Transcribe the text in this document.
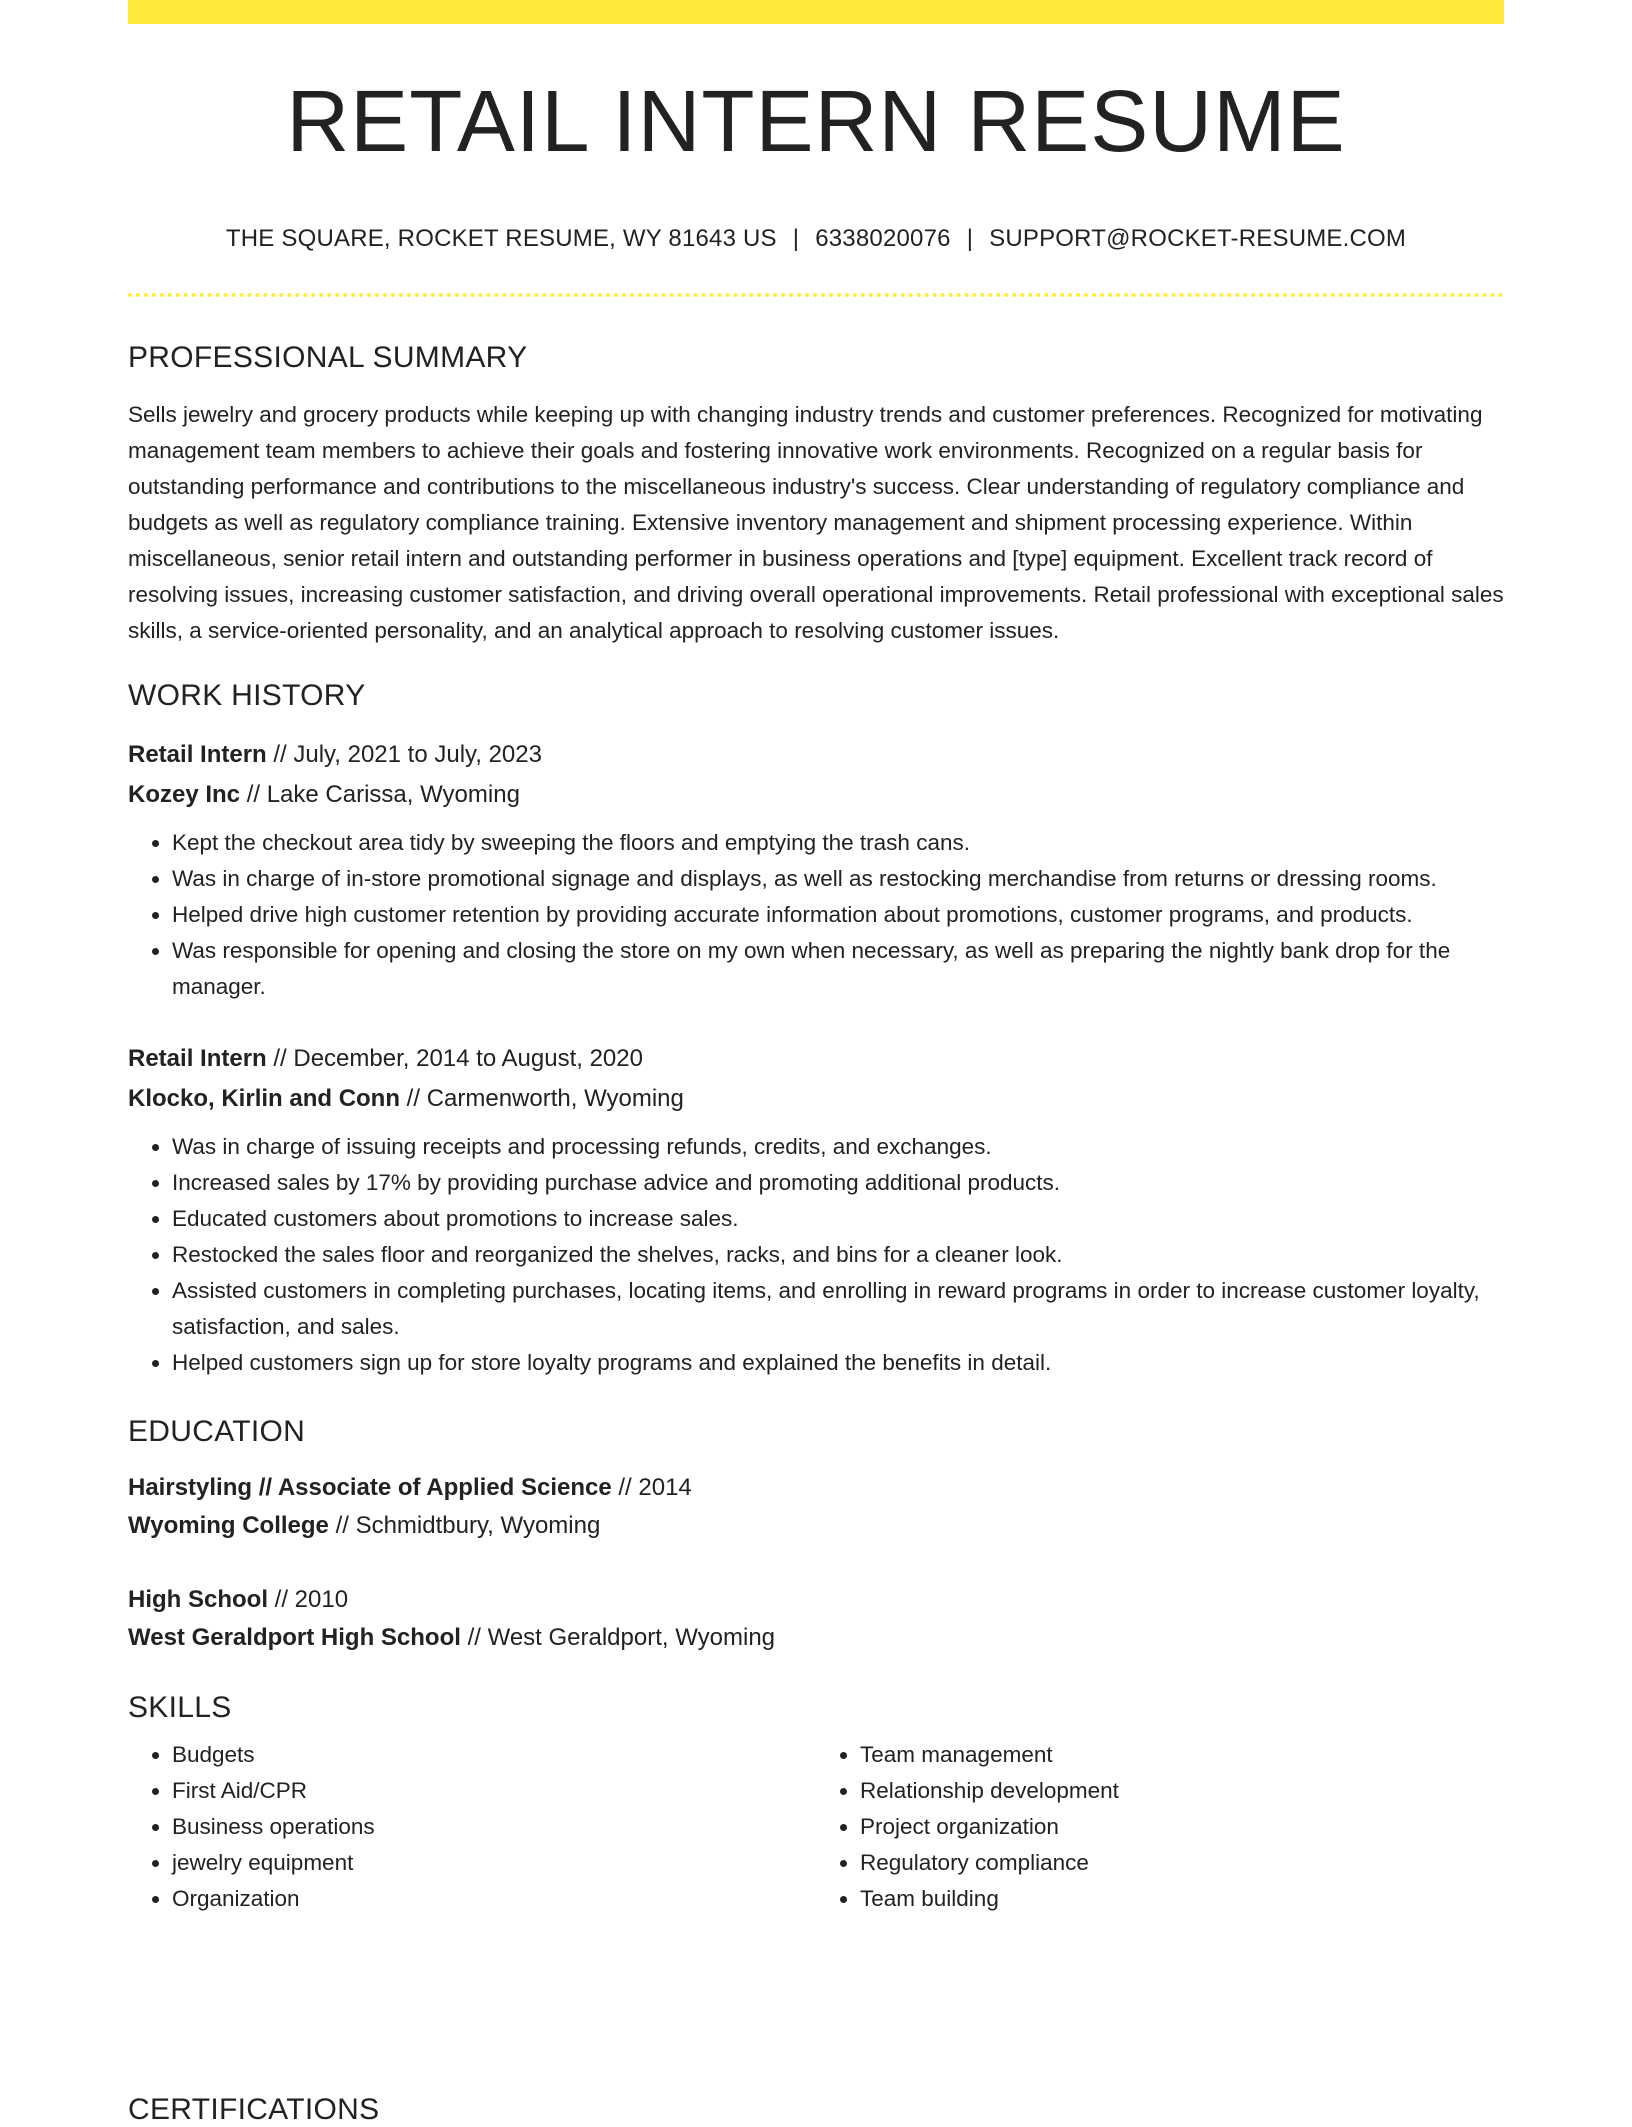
RETAIL INTERN RESUME
THE SQUARE, ROCKET RESUME, WY 81643 US | 6338020076 | SUPPORT@ROCKET-RESUME.COM
PROFESSIONAL SUMMARY

Sells jewelry and grocery products while keeping up with changing industry trends and customer preferences. Recognized for motivating management team members to achieve their goals and fostering innovative work environments. Recognized on a regular basis for outstanding performance and contributions to the miscellaneous industry's success. Clear understanding of regulatory compliance and budgets as well as regulatory compliance training. Extensive inventory management and shipment processing experience. Within miscellaneous, senior retail intern and outstanding performer in business operations and [type] equipment. Excellent track record of resolving issues, increasing customer satisfaction, and driving overall operational improvements. Retail professional with exceptional sales skills, a service-oriented personality, and an analytical approach to resolving customer issues.

WORK HISTORY
Retail Intern // July, 2021 to July, 2023
Kozey Inc // Lake Carissa, Wyoming
• Kept the checkout area tidy by sweeping the floors and emptying the trash cans.
• Was in charge of in-store promotional signage and displays, as well as restocking merchandise from returns or dressing rooms.
• Helped drive high customer retention by providing accurate information about promotions, customer programs, and products.
• Was responsible for opening and closing the store on my own when necessary, as well as preparing the nightly bank drop for the manager.
Retail Intern // December, 2014 to August, 2020
Klocko, Kirlin and Conn // Carmenworth, Wyoming
• Was in charge of issuing receipts and processing refunds, credits, and exchanges.
• Increased sales by 17% by providing purchase advice and promoting additional products.
• Educated customers about promotions to increase sales.
• Restocked the sales floor and reorganized the shelves, racks, and bins for a cleaner look.
• Assisted customers in completing purchases, locating items, and enrolling in reward programs in order to increase customer loyalty, satisfaction, and sales.
• Helped customers sign up for store loyalty programs and explained the benefits in detail.
EDUCATION
Hairstyling // Associate of Applied Science // 2014
Wyoming College // Schmidtbury, Wyoming
High School // 2010
West Geraldport High School // West Geraldport, Wyoming
SKILLS
• Budgets
• First Aid/CPR
• Business operations
• jewelry equipment
• Organization
• Team management
• Relationship development
• Project organization
• Regulatory compliance
• Team building
CERTIFICATIONS
